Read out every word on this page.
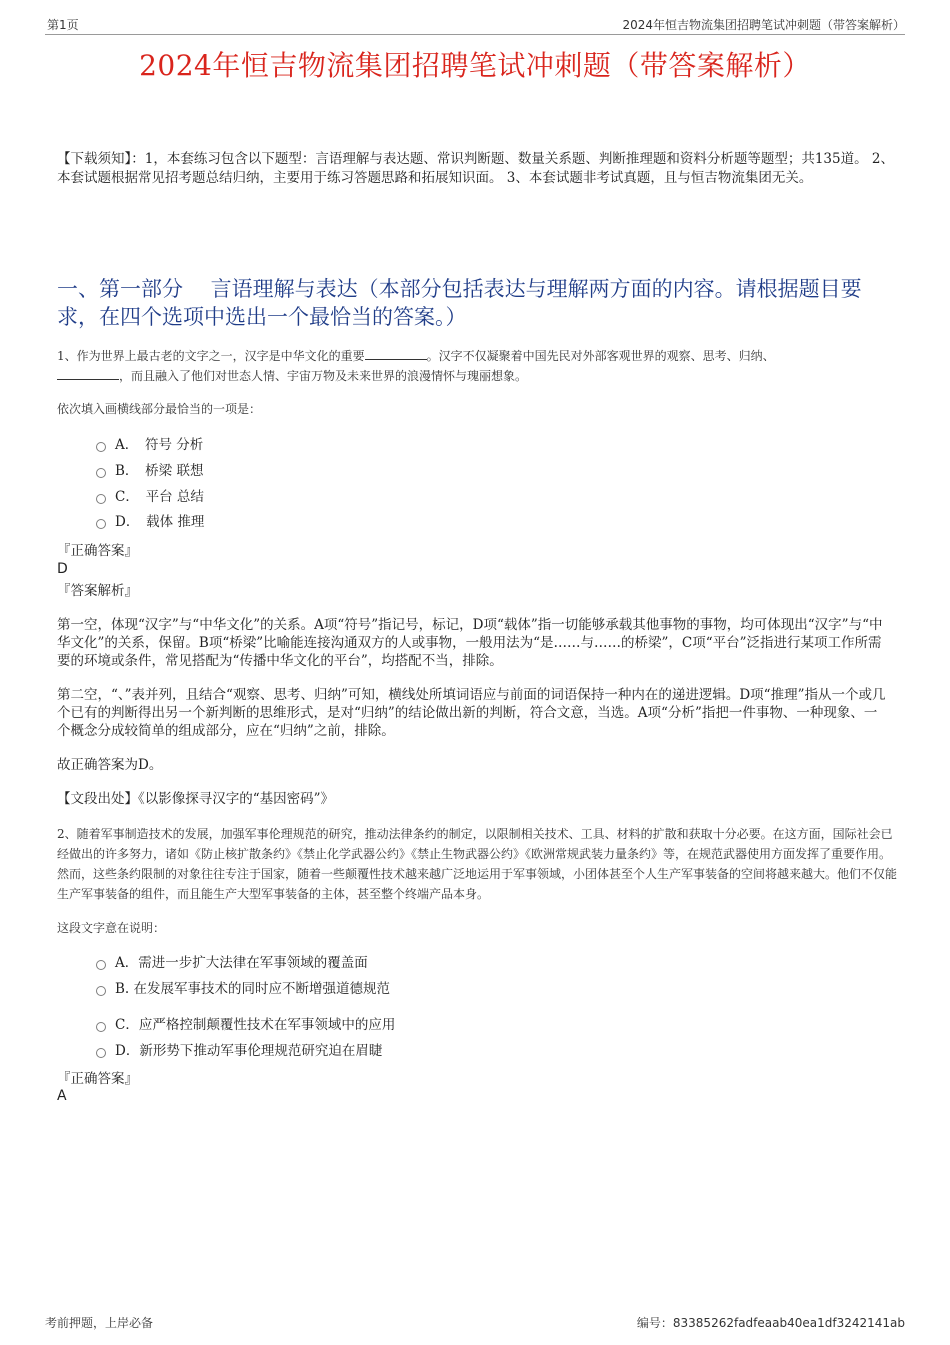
第1页	2024年恒吉物流集团招聘笔试冲刺题（带答案解析）
2024年恒吉物流集团招聘笔试冲刺题（带答案解析）
【下载须知】：1，本套练习包含以下题型：言语理解与表达题、常识判断题、数量关系题、判断推理题和资料分析题等题型；共135道。 2、本套试题根据常见招考题总结归纳，主要用于练习答题思路和拓展知识面。 3、本套试题非考试真题，且与恒吉物流集团无关。
一、第一部分　 言语理解与表达（本部分包括表达与理解两方面的内容。请根据题目要求，在四个选项中选出一个最恰当的答案。）
1、作为世界上最古老的文字之一，汉字是中华文化的重要	。汉字不仅凝聚着中国先民对外部客观世界的观察、思考、归纳、
，而且融入了他们对世态人情、宇宙万物及未来世界的浪漫情怀与瑰丽想象。
依次填入画横线部分最恰当的一项是：
A．　符号 分析
B．　桥梁 联想
C．　平台 总结
D．　载体 推理
『正确答案』
D
『答案解析』
第一空，体现“汉字”与“中华文化”的关系。A项“符号”指记号，标记，D项“载体”指一切能够承载其他事物的事物，均可体现出“汉字”与“中华文化”的关系，保留。B项“桥梁”比喻能连接沟通双方的人或事物，一般用法为“是……与……的桥梁”，C项“平台”泛指进行某项工作所需要的环境或条件，常见搭配为“传播中华文化的平台”，均搭配不当，排除。
第二空，“、”表并列，且结合“观察、思考、归纳”可知，横线处所填词语应与前面的词语保持一种内在的递进逻辑。D项“推理”指从一个或几个已有的判断得出另一个新判断的思维形式，是对“归纳”的结论做出新的判断，符合文意，当选。A项“分析”指把一件事物、一种现象、一个概念分成较简单的组成部分，应在“归纳”之前，排除。
故正确答案为D。
【文段出处】《以影像探寻汉字的“基因密码”》
2、随着军事制造技术的发展，加强军事伦理规范的研究，推动法律条约的制定，以限制相关技术、工具、材料的扩散和获取十分必要。在这方面，国际社会已经做出的许多努力，诸如《防止核扩散条约》《禁止化学武器公约》《禁止生物武器公约》《欧洲常规武装力量条约》等，在规范武器使用方面发挥了重要作用。然而，这些条约限制的对象往往专注于国家，随着一些颠覆性技术越来越广泛地运用于军事领域，小团体甚至个人生产军事装备的空间将越来越大。他们不仅能生产军事装备的组件，而且能生产大型军事装备的主体，甚至整个终端产品本身。
这段文字意在说明：
A．需进一步扩大法律在军事领域的覆盖面
B. 在发展军事技术的同时应不断增强道德规范
C．应严格控制颠覆性技术在军事领域中的应用
D．新形势下推动军事伦理规范研究迫在眉睫
『正确答案』
A
考前押题，上岸必备	编号：83385262fadfeaab40ea1df3242141ab
